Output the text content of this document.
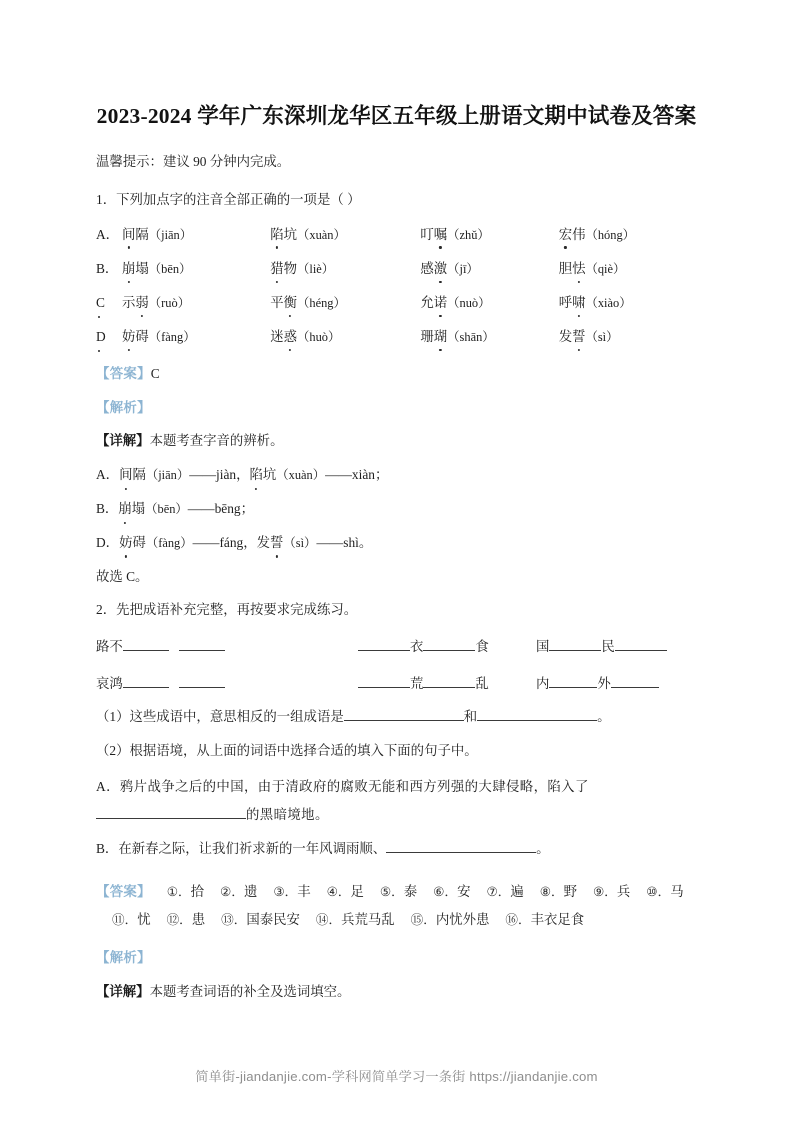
2023-2024 学年广东深圳龙华区五年级上册语文期中试卷及答案

温馨提示：建议 90 分钟内完成。

1．下列加点字的注音全部正确的一项是（ ）

A． 间隔（jiān）	陷坑（xuàn）	叮嘱（zhǔ）	宏伟（hóng）
B． 崩塌（bēn）	猎物（liè）	感激（jī）	胆怯（qiè）
C	示弱（ruò）	平衡（héng）	允诺（nuò）	呼啸（xiào）
D	妨碍（fàng）	迷惑（huò）	珊瑚（shān）	发誓（sì）

【答案】C

【解析】

【详解】本题考查字音的辨析。

A．间隔（jiān）——jiàn，陷坑（xuàn）——xiàn；

B．崩塌（bēn）——bēng；

D．妨碍（fàng）——fáng，发誓（sì）——shì。

故选 C。

2．先把成语补充完整，再按要求完成练习。

路不	衣	食	国	民
哀鸿	荒	乱	内	外

（1）这些成语中，意思相反的一组成语是	和	。

（2）根据语境，从上面的词语中选择合适的填入下面的句子中。

A．鸦片战争之后的中国，由于清政府的腐败无能和西方列强的大肆侵略，陷入了
的黑暗境地。

B．在新春之际，让我们祈求新的一年风调雨顺、	。

【答案】 ①．拾 ②．遗 ③．丰 ④．足 ⑤．泰 ⑥．安 ⑦．遍 ⑧．野 ⑨．兵 ⑩．马⑪．忧 ⑫．患 ⑬．国泰民安 ⑭．兵荒马乱 ⑮．内忧外患 ⑯．丰衣足食

【解析】

【详解】本题考查词语的补全及选词填空。

简单街-jiandanjie.com-学科网简单学习一条街 https://jiandanjie.com
